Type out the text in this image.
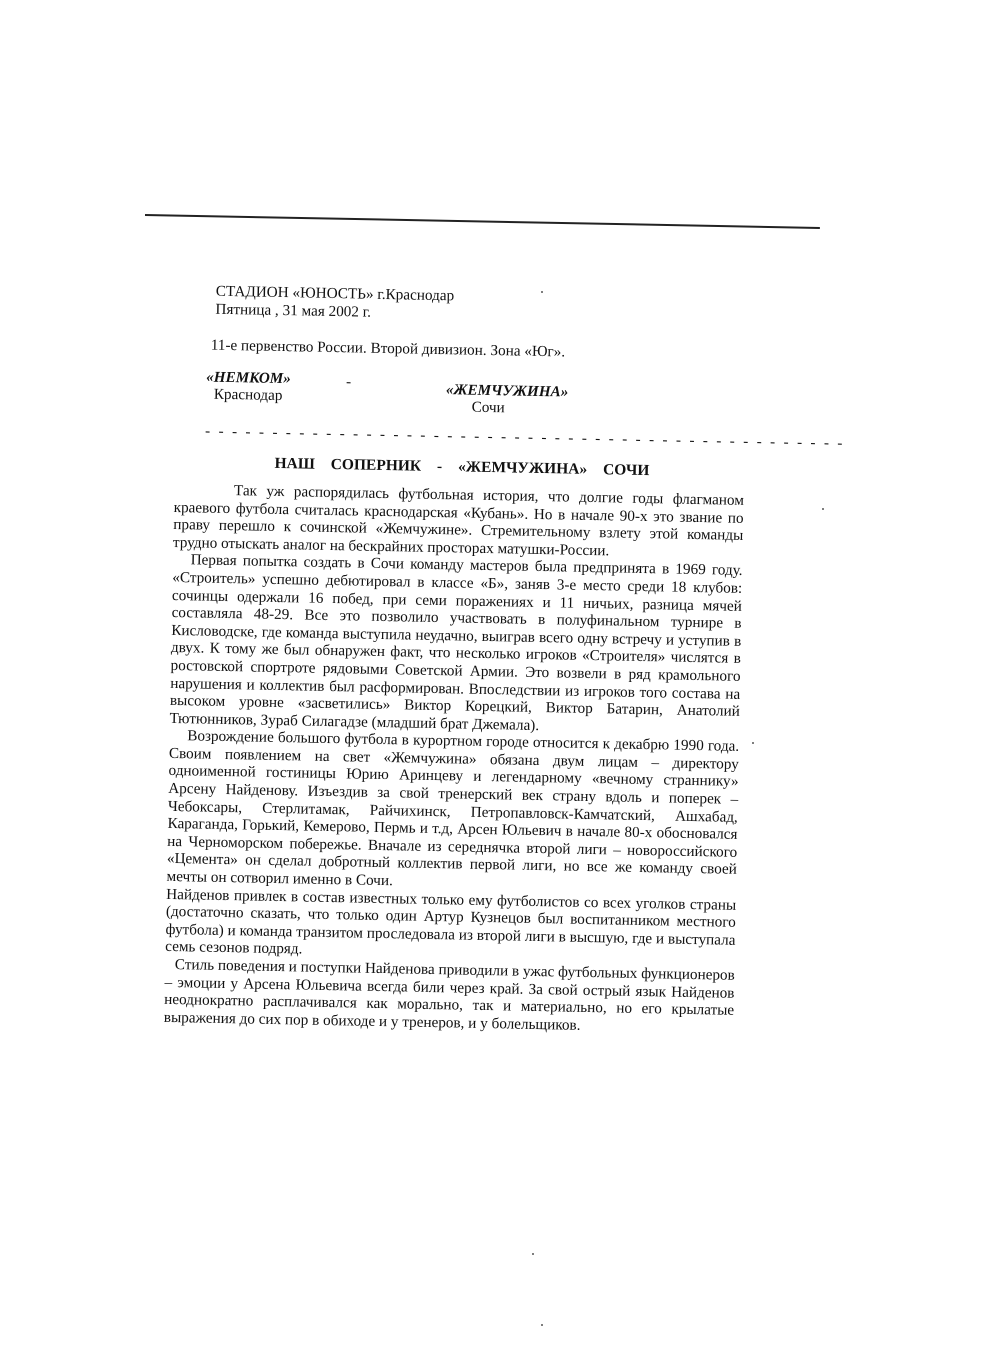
СТАДИОН «ЮНОСТЬ» г.Краснодар
Пятница , 31 мая 2002 г.
11-е первенство России. Второй дивизион. Зона «Юг».
«НЕМКОМ»
Краснодар
-	«ЖЕМЧУЖИНА»
Сочи
- - - - - - - - - - - - - - - - - - - - - - - - - - - - - - - - - - - - - - - - - - - - - - - -
НАШ СОПЕРНИК - «ЖЕМЧУЖИНА» СОЧИ

Так уж распорядилась футбольная история, что долгие годы флагманом краевого футбола считалась краснодарская «Кубань». Но в начале 90-х это звание по праву перешло к сочинской «Жемчужине». Стремительному взлету этой команды трудно отыскать аналог на бескрайних просторах матушки-России.

Первая попытка создать в Сочи команду мастеров была предпринята в 1969 году. «Строитель» успешно дебютировал в классе «Б», заняв 3-е место среди 18 клубов: сочинцы одержали 16 побед, при семи поражениях и 11 ничьих, разница мячей составляла 48-29. Все это позволило участвовать в полуфинальном турнире в Кисловодске, где команда выступила неудачно, выиграв всего одну встречу и уступив в двух. К тому же был обнаружен факт, что несколько игроков «Строителя» числятся в ростовской спортроте рядовыми Советской Армии. Это возвели в ряд крамольного нарушения и коллектив был расформирован. Впоследствии из игроков того состава на высоком уровне «засветились» Виктор Корецкий, Виктор Батарин, Анатолий Тютюнников, Зураб Силагадзе (младший брат Джемала).

Возрождение большого футбола в курортном городе относится к декабрю 1990 года. Своим появлением на свет «Жемчужина» обязана двум лицам – директору одноименной гостиницы Юрию Аринцеву и легендарному «вечному страннику» Арсену Найденову. Изъездив за свой тренерский век страну вдоль и поперек – Чебоксары, Стерлитамак, Райчихинск, Петропавловск-Камчатский, Ашхабад, Караганда, Горький, Кемерово, Пермь и т.д, Арсен Юльевич в начале 80-х обосновался на Черноморском побережье. Вначале из середнячка второй лиги – новороссийского «Цемента» он сделал добротный коллектив первой лиги, но все же команду своей мечты он сотворил именно в Сочи.

Найденов привлек в состав известных только ему футболистов со всех уголков страны (достаточно сказать, что только один Артур Кузнецов был воспитанником местного футбола) и команда транзитом проследовала из второй лиги в высшую, где и выступала семь сезонов подряд.

Стиль поведения и поступки Найденова приводили в ужас футбольных функционеров – эмоции у Арсена Юльевича всегда били через край. За свой острый язык Найденов неоднократно расплачивался как морально, так и материально, но его крылатые выражения до сих пор в обиходе и у тренеров, и у болельщиков.
